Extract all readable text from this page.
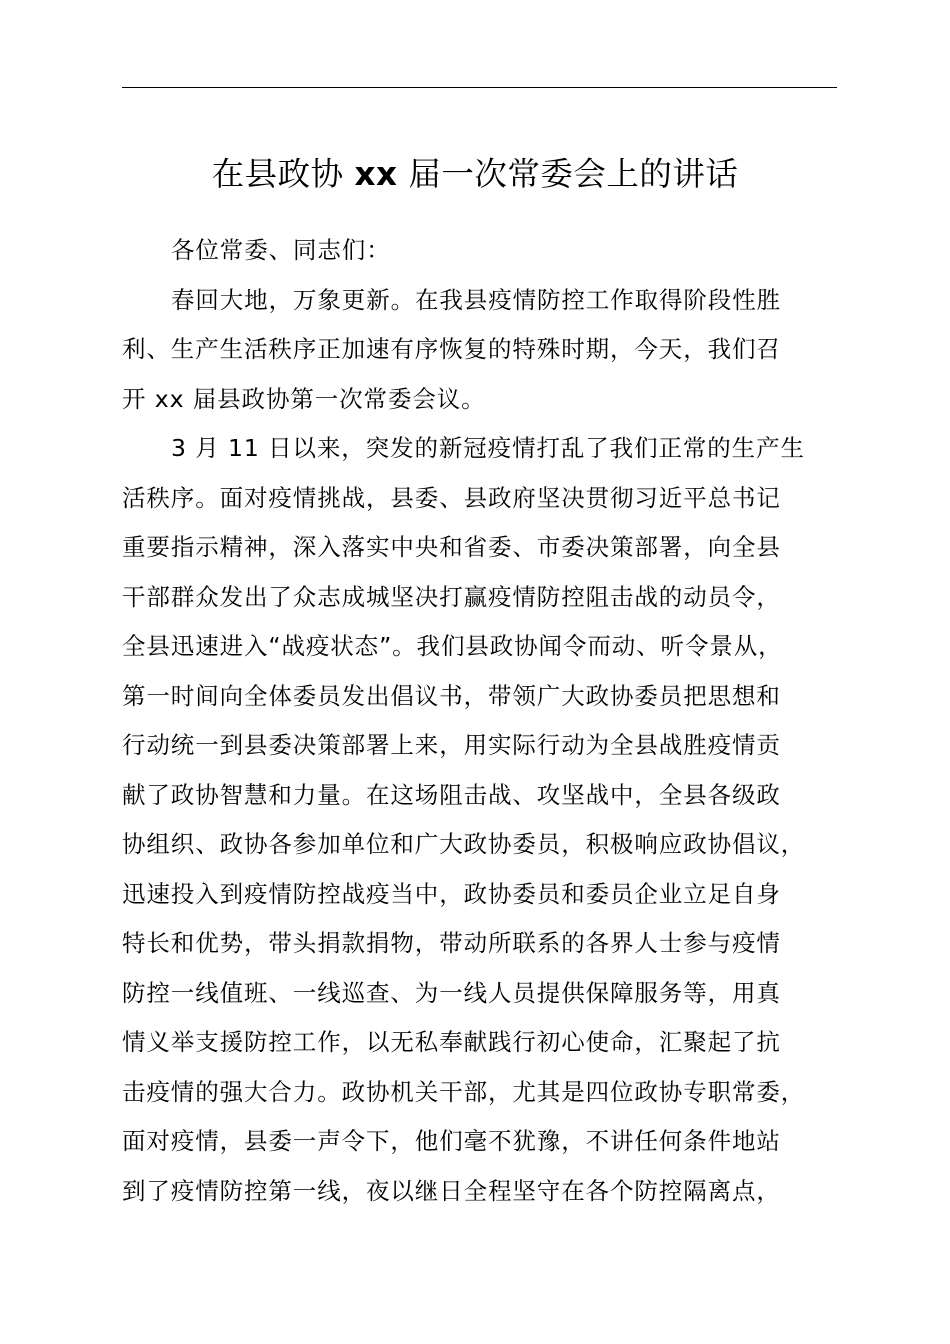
在县政协 xx 届一次常委会上的讲话
各位常委、同志们：
春回大地，万象更新。在我县疫情防控工作取得阶段性胜
利、生产生活秩序正加速有序恢复的特殊时期，今天，我们召
开 xx 届县政协第一次常委会议。
3 月 11 日以来，突发的新冠疫情打乱了我们正常的生产生
活秩序。面对疫情挑战，县委、县政府坚决贯彻习近平总书记
重要指示精神，深入落实中央和省委、市委决策部署，向全县
干部群众发出了众志成城坚决打赢疫情防控阻击战的动员令，
全县迅速进入“战疫状态”。我们县政协闻令而动、听令景从，
第一时间向全体委员发出倡议书，带领广大政协委员把思想和
行动统一到县委决策部署上来，用实际行动为全县战胜疫情贡
献了政协智慧和力量。在这场阻击战、攻坚战中，全县各级政
协组织、政协各参加单位和广大政协委员，积极响应政协倡议，
迅速投入到疫情防控战疫当中，政协委员和委员企业立足自身
特长和优势，带头捐款捐物，带动所联系的各界人士参与疫情
防控一线值班、一线巡查、为一线人员提供保障服务等，用真
情义举支援防控工作，以无私奉献践行初心使命，汇聚起了抗
击疫情的强大合力。政协机关干部，尤其是四位政协专职常委，
面对疫情，县委一声令下，他们毫不犹豫，不讲任何条件地站
到了疫情防控第一线，夜以继日全程坚守在各个防控隔离点，
